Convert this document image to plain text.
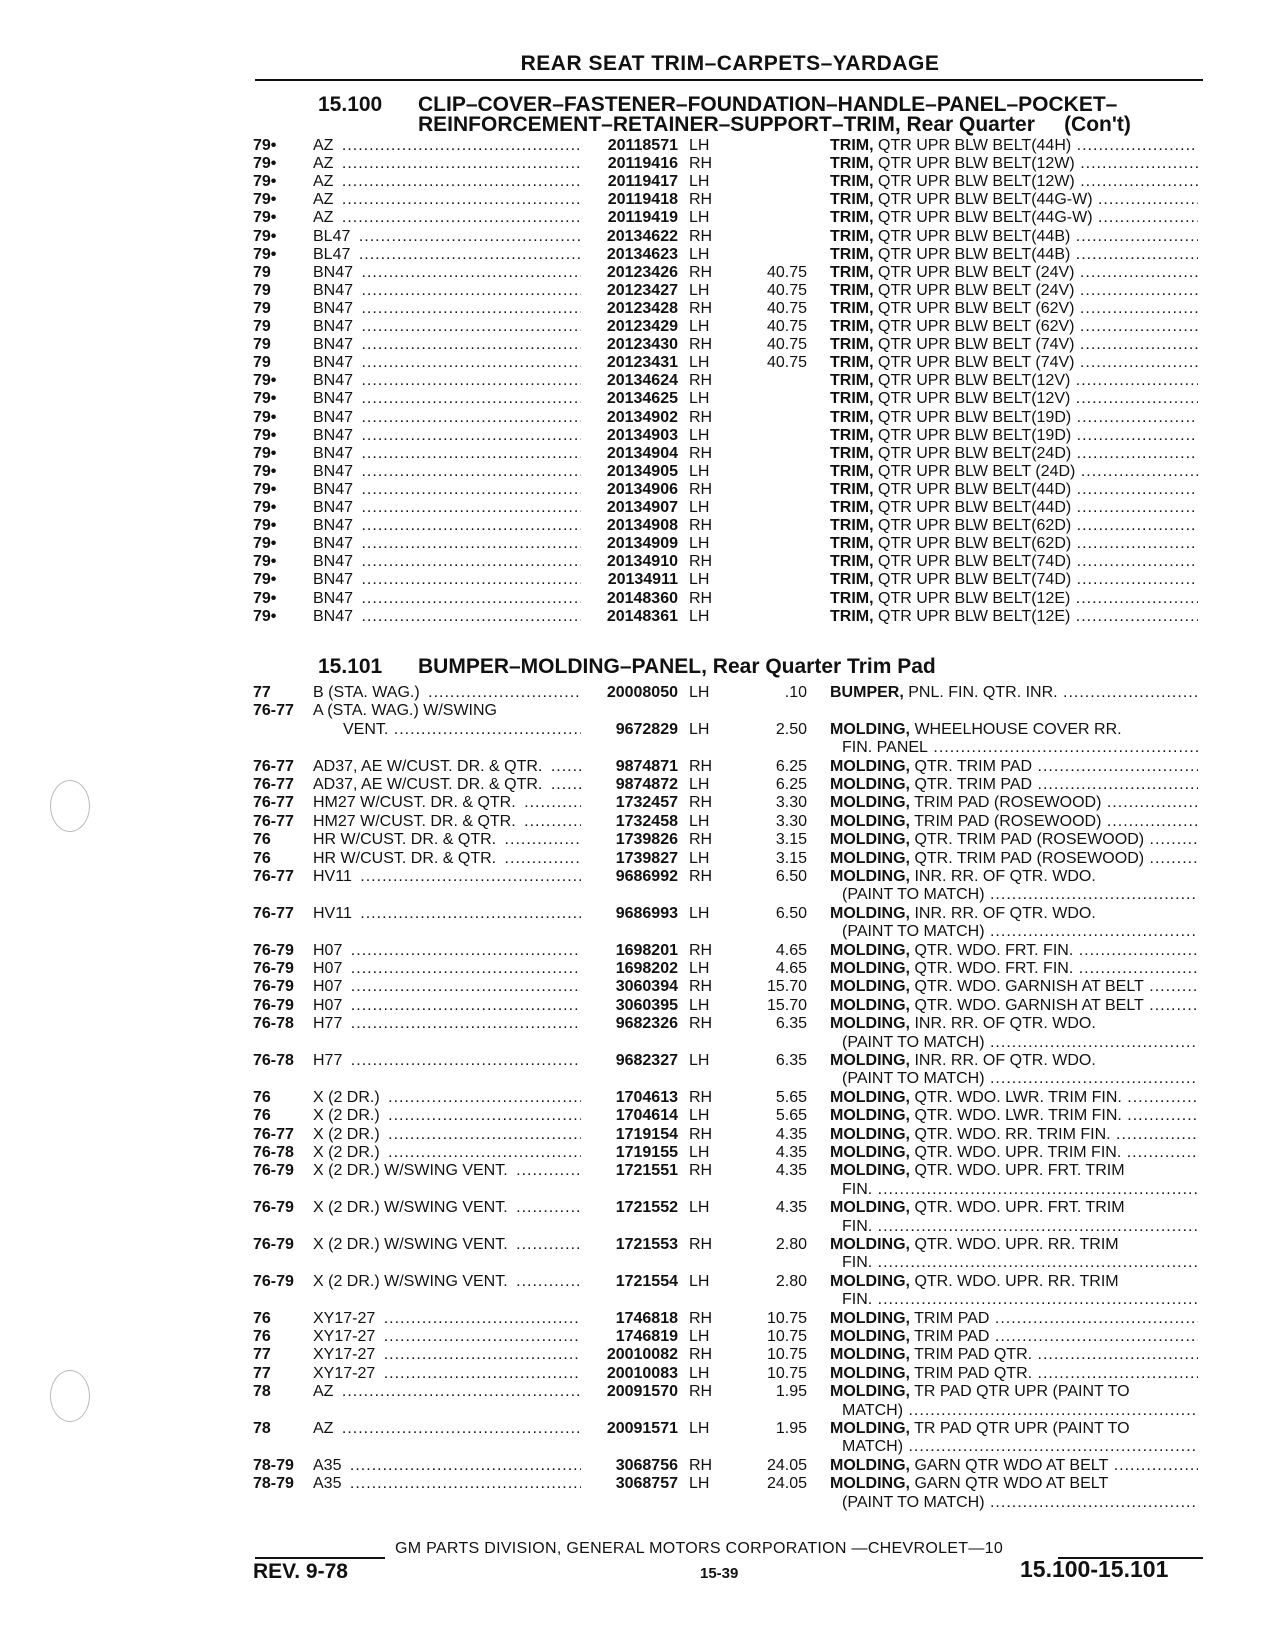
REAR SEAT TRIM–CARPETS–YARDAGE
15.100 CLIP–COVER–FASTENER–FOUNDATION–HANDLE–PANEL–POCKET–
REINFORCEMENT–RETAINER–SUPPORT–TRIM, Rear Quarter (Con't)
79• AZ .....	20118571 LH	TRIM, QTR UPR BLW BELT(44H) .....
79• AZ .....	20119416 RH	TRIM, QTR UPR BLW BELT(12W) .....
79• AZ .....	20119417 LH	TRIM, QTR UPR BLW BELT(12W) .....
79• AZ .....	20119418 RH	TRIM, QTR UPR BLW BELT(44G-W) .....
79• AZ .....	20119419 LH	TRIM, QTR UPR BLW BELT(44G-W) .....
79• BL47 .....	20134622 RH	TRIM, QTR UPR BLW BELT(44B) .....
79• BL47 .....	20134623 LH	TRIM, QTR UPR BLW BELT(44B) .....
79	BN47 .....	20123426 RH	40.75 TRIM, QTR UPR BLW BELT (24V) .....
79	BN47 .....	20123427 LH	40.75 TRIM, QTR UPR BLW BELT (24V) .....
79	BN47 .....	20123428 RH	40.75 TRIM, QTR UPR BLW BELT (62V) .....
79	BN47 .....	20123429 LH	40.75 TRIM, QTR UPR BLW BELT (62V) .....
79	BN47 .....	20123430 RH	40.75 TRIM, QTR UPR BLW BELT (74V) .....
79	BN47 .....	20123431 LH	40.75 TRIM, QTR UPR BLW BELT (74V) .....
79• BN47 .....	20134624 RH	TRIM, QTR UPR BLW BELT(12V) .....
79• BN47 .....	20134625 LH	TRIM, QTR UPR BLW BELT(12V) .....
79• BN47 .....	20134902 RH	TRIM, QTR UPR BLW BELT(19D) .....
79• BN47 .....	20134903 LH	TRIM, QTR UPR BLW BELT(19D) .....
79• BN47 .....	20134904 RH	TRIM, QTR UPR BLW BELT(24D) .....
79• BN47 .....	20134905 LH	TRIM, QTR UPR BLW BELT (24D) .....
79• BN47 .....	20134906 RH	TRIM, QTR UPR BLW BELT(44D) .....
79• BN47 .....	20134907 LH	TRIM, QTR UPR BLW BELT(44D) .....
79• BN47 .....	20134908 RH	TRIM, QTR UPR BLW BELT(62D) .....
79• BN47 .....	20134909 LH	TRIM, QTR UPR BLW BELT(62D) .....
79• BN47 .....	20134910 RH	TRIM, QTR UPR BLW BELT(74D) .....
79• BN47 .....	20134911 LH	TRIM, QTR UPR BLW BELT(74D) .....
79• BN47 .....	20148360 RH	TRIM, QTR UPR BLW BELT(12E) .....
79• BN47 .....	20148361 LH	TRIM, QTR UPR BLW BELT(12E) .....
15.101 BUMPER–MOLDING–PANEL, Rear Quarter Trim Pad
77	B (STA. WAG.) .....	20008050 LH	.10 BUMPER, PNL. FIN. QTR. INR. .....
76-77 A (STA. WAG.) W/SWING
VENT. .....	9672829 LH	2.50 MOLDING, WHEELHOUSE COVER RR.
FIN. PANEL .....
76-77 AD37, AE W/CUST. DR. & QTR. .....	9874871 RH	6.25 MOLDING, QTR. TRIM PAD .....
76-77 AD37, AE W/CUST. DR. & QTR. .....	9874872 LH	6.25 MOLDING, QTR. TRIM PAD .....
76-77 HM27 W/CUST. DR. & QTR. .....	1732457 RH	3.30 MOLDING, TRIM PAD (ROSEWOOD) .....
76-77 HM27 W/CUST. DR. & QTR. .....	1732458 LH	3.30 MOLDING, TRIM PAD (ROSEWOOD) .....
76	HR W/CUST. DR. & QTR. .....	1739826 RH	3.15 MOLDING, QTR. TRIM PAD (ROSEWOOD) .....
76	HR W/CUST. DR. & QTR. .....	1739827 LH	3.15 MOLDING, QTR. TRIM PAD (ROSEWOOD) .....
76-77 HV11 .....	9686992 RH	6.50 MOLDING, INR. RR. OF QTR. WDO.
(PAINT TO MATCH) .....
76-77 HV11 .....	9686993 LH	6.50 MOLDING, INR. RR. OF QTR. WDO.
(PAINT TO MATCH) .....
76-79 H07 .....	1698201 RH	4.65 MOLDING, QTR. WDO. FRT. FIN. .....
76-79 H07 .....	1698202 LH	4.65 MOLDING, QTR. WDO. FRT. FIN. .....
76-79 H07 .....	3060394 RH	15.70 MOLDING, QTR. WDO. GARNISH AT BELT .....
76-79 H07 .....	3060395 LH	15.70 MOLDING, QTR. WDO. GARNISH AT BELT .....
76-78 H77 .....	9682326 RH	6.35 MOLDING, INR. RR. OF QTR. WDO.
(PAINT TO MATCH) .....
76-78 H77 .....	9682327 LH	6.35 MOLDING, INR. RR. OF QTR. WDO.
(PAINT TO MATCH) .....
76	X (2 DR.) .....	1704613 RH	5.65 MOLDING, QTR. WDO. LWR. TRIM FIN. .....
76	X (2 DR.) .....	1704614 LH	5.65 MOLDING, QTR. WDO. LWR. TRIM FIN. .....
76-77 X (2 DR.) .....	1719154 RH	4.35 MOLDING, QTR. WDO. RR. TRIM FIN. .....
76-78 X (2 DR.) .....	1719155 LH	4.35 MOLDING, QTR. WDO. UPR. TRIM FIN. .....
76-79 X (2 DR.) W/SWING VENT. .....	1721551 RH	4.35 MOLDING, QTR. WDO. UPR. FRT. TRIM
FIN. .....
76-79 X (2 DR.) W/SWING VENT. .....	1721552 LH	4.35 MOLDING, QTR. WDO. UPR. FRT. TRIM
FIN. .....
76-79 X (2 DR.) W/SWING VENT. .....	1721553 RH	2.80 MOLDING, QTR. WDO. UPR. RR. TRIM
FIN. .....
76-79 X (2 DR.) W/SWING VENT. .....	1721554 LH	2.80 MOLDING, QTR. WDO. UPR. RR. TRIM
FIN. .....
76	XY17-27 .....	1746818 RH	10.75 MOLDING, TRIM PAD .....
76	XY17-27 .....	1746819 LH	10.75 MOLDING, TRIM PAD .....
77	XY17-27 .....	20010082 RH	10.75 MOLDING, TRIM PAD QTR. .....
77	XY17-27 .....	20010083 LH	10.75 MOLDING, TRIM PAD QTR. .....
78	AZ .....	20091570 RH	1.95 MOLDING, TR PAD QTR UPR (PAINT TO
MATCH) .....
78	AZ .....	20091571 LH	1.95 MOLDING, TR PAD QTR UPR (PAINT TO
MATCH) .....
78-79 A35 .....	3068756 RH	24.05 MOLDING, GARN QTR WDO AT BELT .....
78-79 A35 .....	3068757 LH	24.05 MOLDING, GARN QTR WDO AT BELT
(PAINT TO MATCH) .....
GM PARTS DIVISION, GENERAL MOTORS CORPORATION —CHEVROLET—10
REV. 9-78	15-39	15.100-15.101
